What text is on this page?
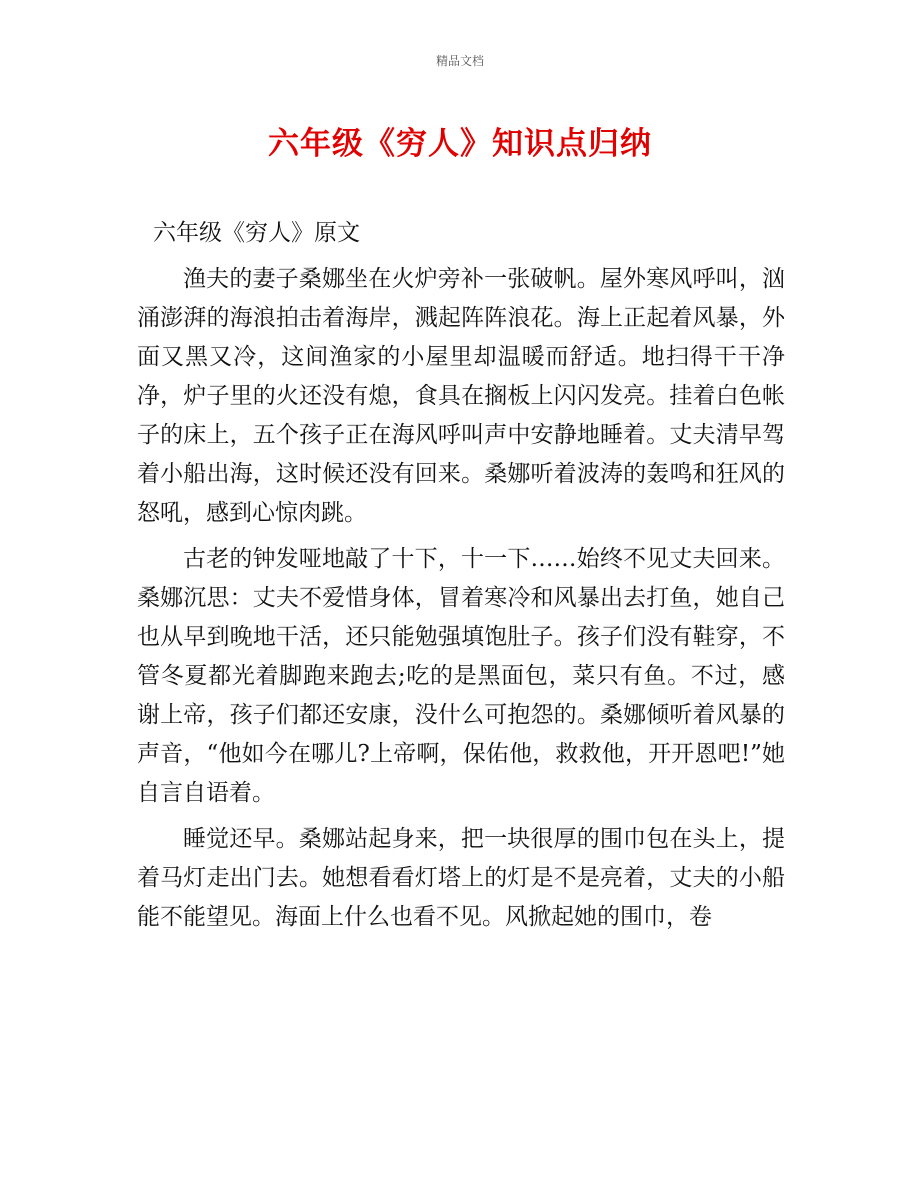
精品文档
六年级《穷人》知识点归纳

六年级《穷人》原文

渔夫的妻子桑娜坐在火炉旁补一张破帆。屋外寒风呼叫，汹涌澎湃的海浪拍击着海岸，溅起阵阵浪花。海上正起着风暴，外面又黑又冷，这间渔家的小屋里却温暖而舒适。地扫得干干净净，炉子里的火还没有熄，食具在搁板上闪闪发亮。挂着白色帐子的床上，五个孩子正在海风呼叫声中安静地睡着。丈夫清早驾着小船出海，这时候还没有回来。桑娜听着波涛的轰鸣和狂风的怒吼，感到心惊肉跳。

古老的钟发哑地敲了十下，十一下……始终不见丈夫回来。桑娜沉思：丈夫不爱惜身体，冒着寒冷和风暴出去打鱼，她自己也从早到晚地干活，还只能勉强填饱肚子。孩子们没有鞋穿，不管冬夏都光着脚跑来跑去;吃的是黑面包，菜只有鱼。不过，感谢上帝，孩子们都还安康，没什么可抱怨的。桑娜倾听着风暴的声音，“他如今在哪儿?上帝啊，保佑他，救救他，开开恩吧!”她自言自语着。

睡觉还早。桑娜站起身来，把一块很厚的围巾包在头上，提着马灯走出门去。她想看看灯塔上的灯是不是亮着，丈夫的小船能不能望见。海面上什么也看不见。风掀起她的围巾，卷
